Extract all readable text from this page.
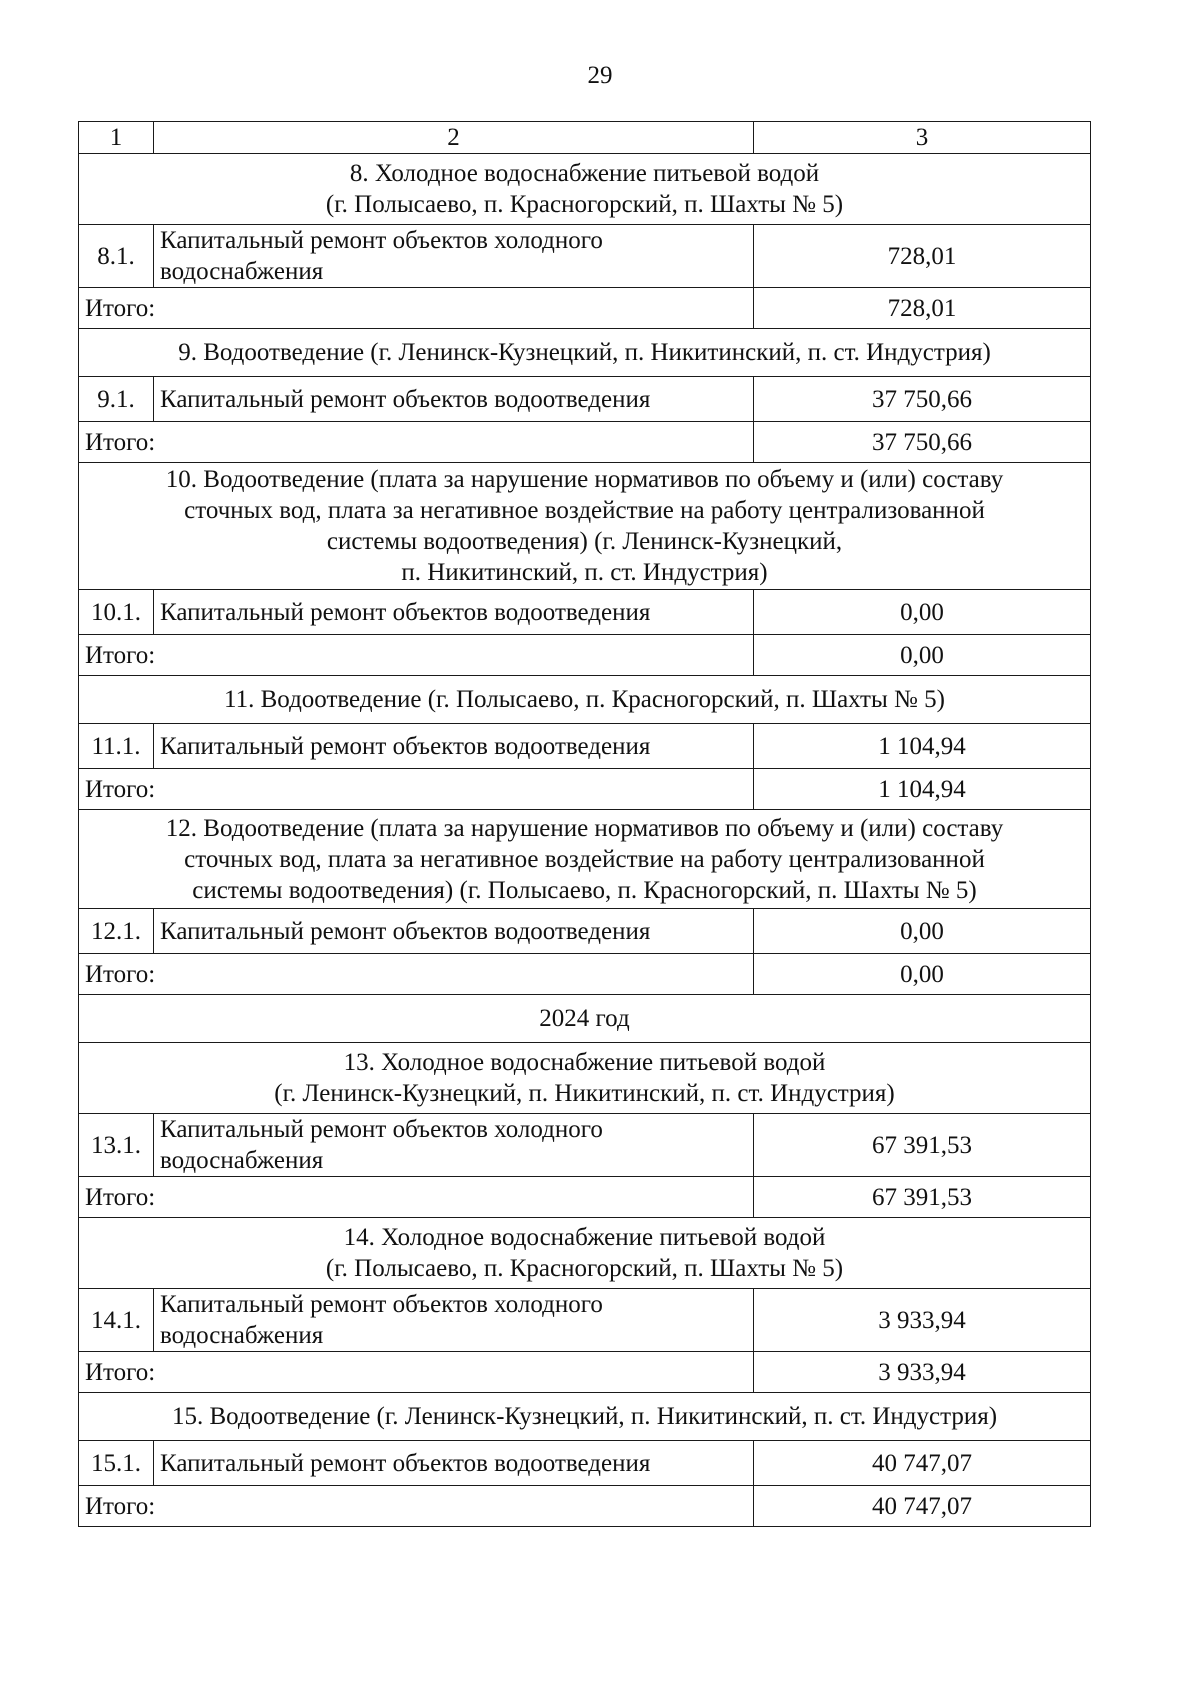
29
1	2	3

8. Холодное водоснабжение питьевой водой
(г. Полысаево, п. Красногорский, п. Шахты № 5)		

8.1.	Капитальный ремонт объектов холодного
водоснабжения	728,01
Итого:		728,01
9. Водоотведение (г. Ленинск-Кузнецкий, п. Никитинский, п. ст. Индустрия)		
9.1.	Капитальный ремонт объектов водоотведения	37 750,66
Итого:		37 750,66

10. Водоотведение (плата за нарушение нормативов по объему и (или) составу
сточных вод, плата за негативное воздействие на работу централизованной
системы водоотведения) (г. Ленинск-Кузнецкий,
п. Никитинский, п. ст. Индустрия)		

10.1.	Капитальный ремонт объектов водоотведения	0,00
Итого:		0,00
11. Водоотведение (г. Полысаево, п. Красногорский, п. Шахты № 5)		
11.1.	Капитальный ремонт объектов водоотведения	1 104,94
Итого:		1 104,94

12. Водоотведение (плата за нарушение нормативов по объему и (или) составу
сточных вод, плата за негативное воздействие на работу централизованной
системы водоотведения) (г. Полысаево, п. Красногорский, п. Шахты № 5)		

12.1.	Капитальный ремонт объектов водоотведения	0,00
Итого:		0,00
2024 год		

13. Холодное водоснабжение питьевой водой
(г. Ленинск-Кузнецкий, п. Никитинский, п. ст. Индустрия)		

13.1.	Капитальный ремонт объектов холодного
водоснабжения	67 391,53
Итого:		67 391,53

14. Холодное водоснабжение питьевой водой
(г. Полысаево, п. Красногорский, п. Шахты № 5)		

14.1.	Капитальный ремонт объектов холодного
водоснабжения	3 933,94
Итого:		3 933,94
15. Водоотведение (г. Ленинск-Кузнецкий, п. Никитинский, п. ст. Индустрия)		
15.1.	Капитальный ремонт объектов водоотведения	40 747,07
Итого:		40 747,07
